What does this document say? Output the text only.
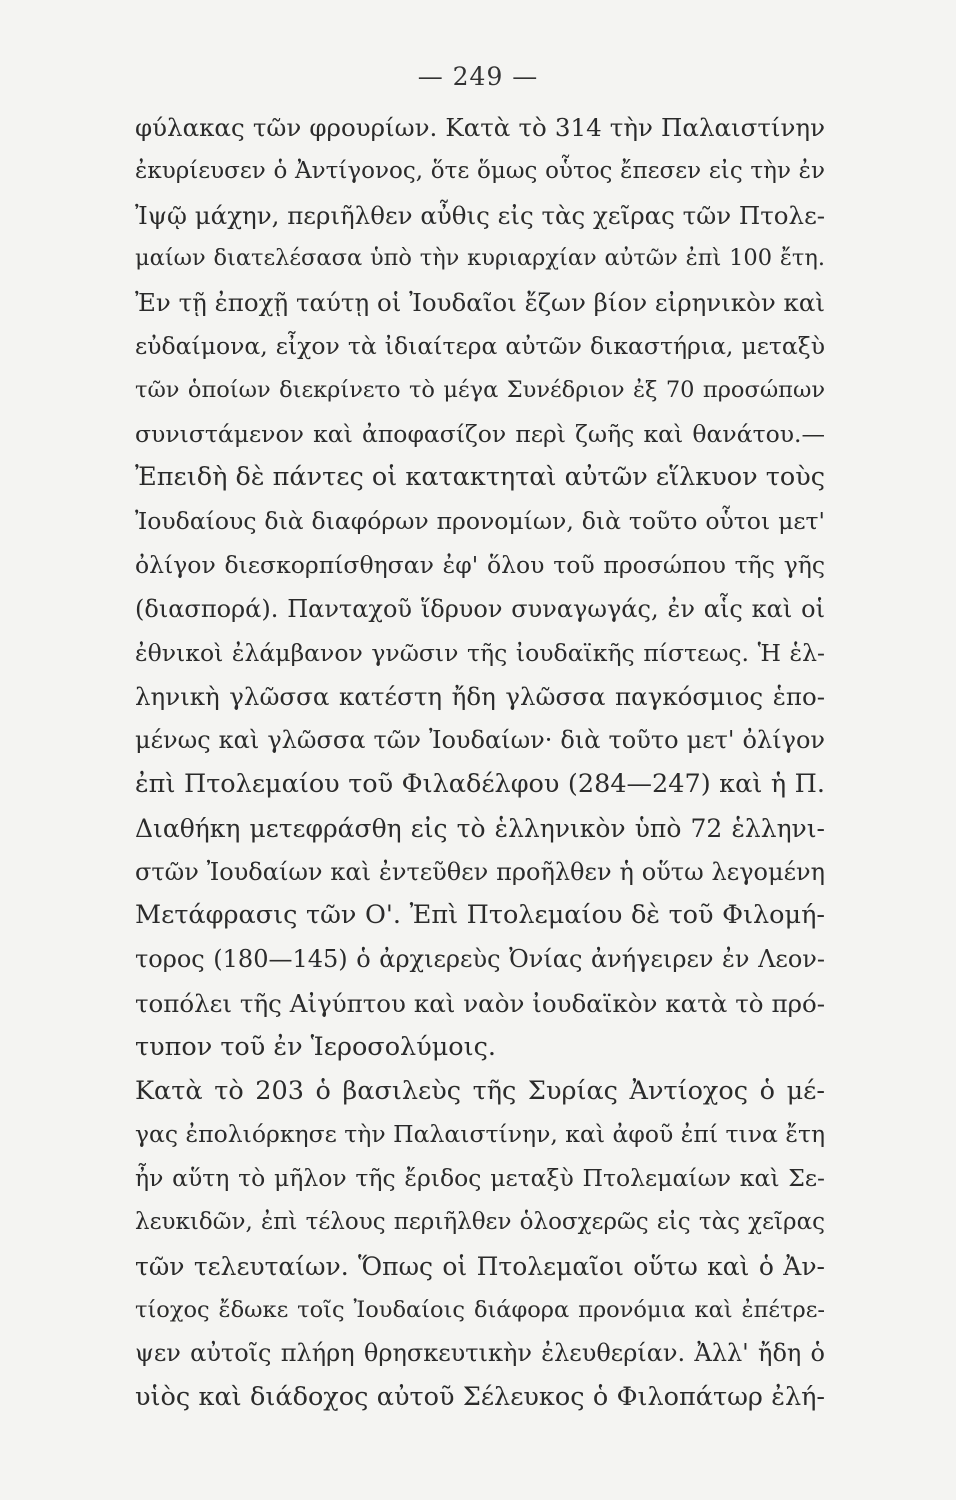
— 249 —
φύλακας τῶν φρουρίων. Κατὰ τὸ 314 τὴν Παλαιστίνην
ἐκυρίευσεν ὁ Ἀντίγονος, ὅτε ὅμως οὗτος ἔπεσεν εἰς τὴν ἐν
Ἰψῷ μάχην, περιῆλθεν αὖθις εἰς τὰς χεῖρας τῶν Πτολε-
μαίων διατελέσασα ὑπὸ τὴν κυριαρχίαν αὐτῶν ἐπὶ 100 ἔτη.
Ἐν τῇ ἐποχῇ ταύτῃ οἱ Ἰουδαῖοι ἔζων βίον εἰρηνικὸν καὶ
εὐδαίμονα, εἶχον τὰ ἰδιαίτερα αὐτῶν δικαστήρια, μεταξὺ
τῶν ὁποίων διεκρίνετο τὸ μέγα Συνέδριον ἐξ 70 προσώπων
συνιστάμενον καὶ ἀποφασίζον περὶ ζωῆς καὶ θανάτου.—
Ἐπειδὴ δὲ πάντες οἱ κατακτηταὶ αὐτῶν εἵλκυον τοὺς
Ἰουδαίους διὰ διαφόρων προνομίων, διὰ τοῦτο οὗτοι μετ'
ὀλίγον διεσκορπίσθησαν ἐφ' ὅλου τοῦ προσώπου τῆς γῆς
(διασπορά). Πανταχοῦ ἵδρυον συναγωγάς, ἐν αἷς καὶ οἱ
ἐθνικοὶ ἐλάμβανον γνῶσιν τῆς ἰουδαϊκῆς πίστεως. Ἡ ἑλ-
ληνικὴ γλῶσσα κατέστη ἤδη γλῶσσα παγκόσμιος ἑπο-
μένως καὶ γλῶσσα τῶν Ἰουδαίων· διὰ τοῦτο μετ' ὀλίγον
ἐπὶ Πτολεμαίου τοῦ Φιλαδέλφου (284—247) καὶ ἡ Π.
Διαθήκη μετεφράσθη εἰς τὸ ἑλληνικὸν ὑπὸ 72 ἑλληνι-
στῶν Ἰουδαίων καὶ ἐντεῦθεν προῆλθεν ἡ οὕτω λεγομένη
Μετάφρασις τῶν Ο'. Ἐπὶ Πτολεμαίου δὲ τοῦ Φιλομή-
τορος (180—145) ὁ ἀρχιερεὺς Ὀνίας ἀνήγειρεν ἐν Λεον-
τοπόλει τῆς Αἰγύπτου καὶ ναὸν ἰουδαϊκὸν κατὰ τὸ πρό-
τυπον τοῦ ἐν Ἱεροσολύμοις.
Κατὰ τὸ 203 ὁ βασιλεὺς τῆς Συρίας Ἀντίοχος ὁ μέ-
γας ἐπολιόρκησε τὴν Παλαιστίνην, καὶ ἀφοῦ ἐπί τινα ἔτη
ἦν αὕτη τὸ μῆλον τῆς ἔριδος μεταξὺ Πτολεμαίων καὶ Σε-
λευκιδῶν, ἐπὶ τέλους περιῆλθεν ὁλοσχερῶς εἰς τὰς χεῖρας
τῶν τελευταίων. Ὅπως οἱ Πτολεμαῖοι οὕτω καὶ ὁ Ἀν-
τίοχος ἔδωκε τοῖς Ἰουδαίοις διάφορα προνόμια καὶ ἐπέτρε-
ψεν αὐτοῖς πλήρη θρησκευτικὴν ἐλευθερίαν. Ἀλλ' ἤδη ὁ
υἱὸς καὶ διάδοχος αὐτοῦ Σέλευκος ὁ Φιλοπάτωρ ἐλή-
